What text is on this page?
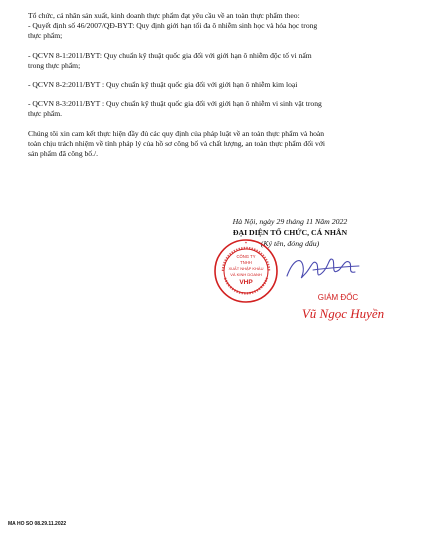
Tổ chức, cá nhân sản xuất, kinh doanh thực phẩm đạt yêu cầu về an toàn thực phẩm theo:

- Quyết định số 46/2007/QĐ-BYT: Quy định giới hạn tối đa ô nhiễm sinh học và hóa học trong

thực phẩm;

- QCVN 8-1:2011/BYT: Quy chuẩn kỹ thuật quốc gia đối với giới hạn ô nhiễm độc tố vi nấm

trong thực phẩm;

- QCVN 8-2:2011/BYT : Quy chuẩn kỹ thuật quốc gia đối với giới hạn ô nhiễm kim loại

- QCVN 8-3:2011/BYT : Quy chuẩn kỹ thuật quốc gia đối với giới hạn ô nhiễm vi sinh vật trong

thực phẩm.

Chúng tôi xin cam kết thực hiện đầy đủ các quy định của pháp luật về an toàn thực phẩm và hoàn

toàn chịu trách nhiệm về tính pháp lý của hồ sơ công bố và chất lượng, an toàn thực phẩm đối với

sản phẩm đã công bố./.

Hà Nội, ngày 29 tháng 11 Năm 2022
ĐẠI DIỆN TỔ CHỨC, CÁ NHÂN
(Ký tên, đóng dấu)
CÔNG TY
TNHH
XUẤT NHẬP KHẨU
VÀ KINH DOANH
VHP
★
GIÁM ĐỐC
Vũ Ngọc Huyền
MA HO SO 08.29.11.2022
